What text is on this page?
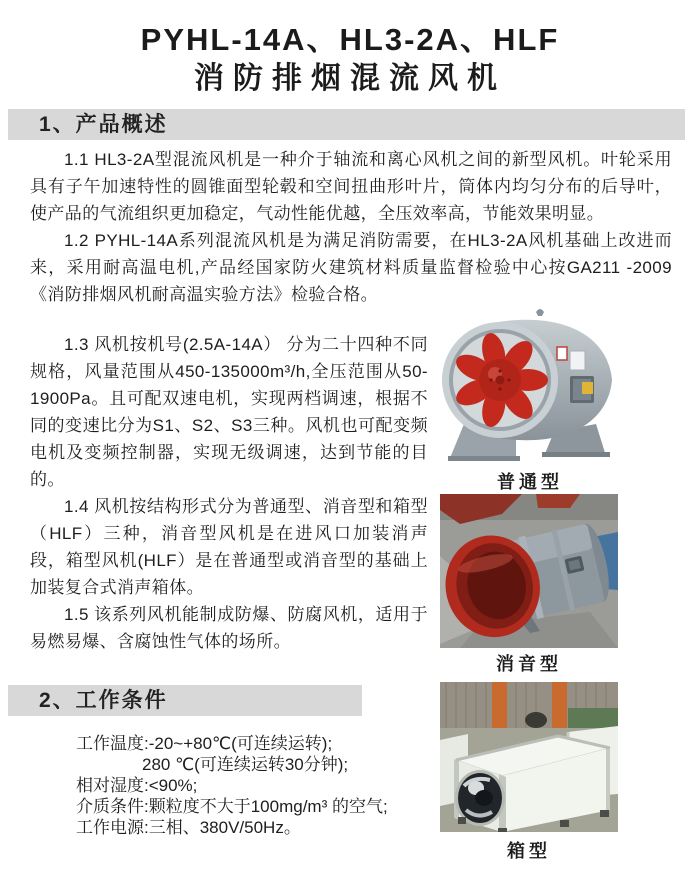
PYHL-14A、HL3-2A、HLF
消防排烟混流风机
1、产品概述

1.1 HL3-2A型混流风机是一种介于轴流和离心风机之间的新型风机。叶轮采用具有子午加速特性的圆锥面型轮毂和空间扭曲形叶片，筒体内均匀分布的后导叶，使产品的气流组织更加稳定，气动性能优越，全压效率高，节能效果明显。

1.2 PYHL-14A系列混流风机是为满足消防需要，在HL3-2A风机基础上改进而来，采用耐高温电机,产品经国家防火建筑材料质量监督检验中心按GA211 -2009《消防排烟风机耐高温实验方法》检验合格。

1.3 风机按机号(2.5A-14A） 分为二十四种不同规格，风量范围从450-135000m³/h,全压范围从50-1900Pa。且可配双速电机，实现两档调速，根据不同的变速比分为S1、S2、S3三种。风机也可配变频电机及变频控制器，实现无级调速，达到节能的目的。

1.4 风机按结构形式分为普通型、消音型和箱型（HLF）三种，消音型风机是在进风口加装消声段，箱型风机(HLF）是在普通型或消音型的基础上加装复合式消声箱体。

1.5 该系列风机能制成防爆、防腐风机，适用于易燃易爆、含腐蚀性气体的场所。

普通型
消音型
箱型
2、工作条件
工作温度:-20~+80℃(可连续运转);
280 ℃(可连续运转30分钟);
相对湿度:<90%;
介质条件:颗粒度不大于100mg/m³ 的空气;
工作电源:三相、380V/50Hz。
